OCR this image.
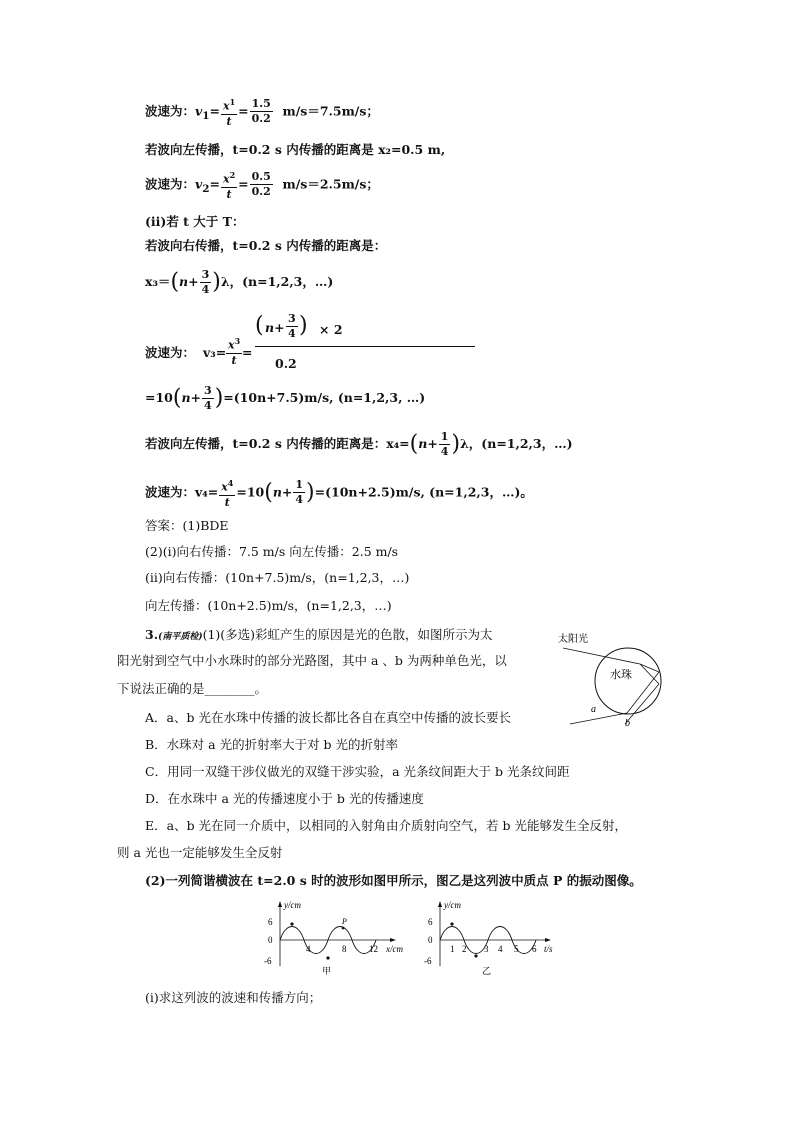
波速为：$v_1= \frac{x^1}{t} = \frac{1.5}{0.2} m/s=7.5m/s$；
若波向左传播，t=0.2 s 内传播的距离是 x₂=0.5 m,
波速为：$v_2= \frac{x^2}{t} = \frac{0.5}{0.2} m/s=2.5m/s$；
(ⅱ)若 t 大于 T：
若波向右传播，t=0.2 s 内传播的距离是：
$x_3=(n+ \frac{3}{4} )\lambda$，(n=1,2,3，…)
波速为： $v_3= \frac{x^3}{t}$ =
( $n+ \frac{3}{4}$ ) × 2
0.2
$=10(n+ \frac{3}{4} )=(10n+7.5)m/s$, (n=1,2,3, …)
若波向左传播，t=0.2 s 内传播的距离是：$x_4=(n+ \frac{1}{4} )\lambda$，(n=1,2,3，…)
波速为：$v_4= \frac{x^4}{t} =10(n+ \frac{1}{4} )=(10n+2.5)m/s$, (n=1,2,3，…)。
答案：(1)BDE
(2)(ⅰ)向右传播：7.5 m/s 向左传播：2.5 m/s
(ⅱ)向右传播：(10n+7.5)m/s，(n=1,2,3，…)
向左传播：(10n+2.5)m/s，(n=1,2,3，…)
3.(南平质检)(1)(多选)彩虹产生的原因是光的色散，如图所示为太
阳光射到空气中小水珠时的部分光路图，其中 a 、b 为两种单色光，以
下说法正确的是________。
A．a、b 光在水珠中传播的波长都比各自在真空中传播的波长要长
B．水珠对 a 光的折射率大于对 b 光的折射率
C．用同一双缝干涉仪做光的双缝干涉实验，a 光条纹间距大于 b 光条纹间距
D．在水珠中 a 光的传播速度小于 b 光的传播速度
E．a、b 光在同一介质中，以相同的入射角由介质射向空气，若 b 光能够发生全反射，
则 a 光也一定能够发生全反射
(2)一列简谐横波在 t=2.0 s 时的波形如图甲所示，图乙是这列波中质点 P 的振动图像。
太阳光
水珠
a
b
y/cm
x/cm
6
0
-6
P
4	8	12
甲
y/cm
t/s
6
0
-6
1 2 3 4 5 6
乙
(ⅰ)求这列波的波速和传播方向；
